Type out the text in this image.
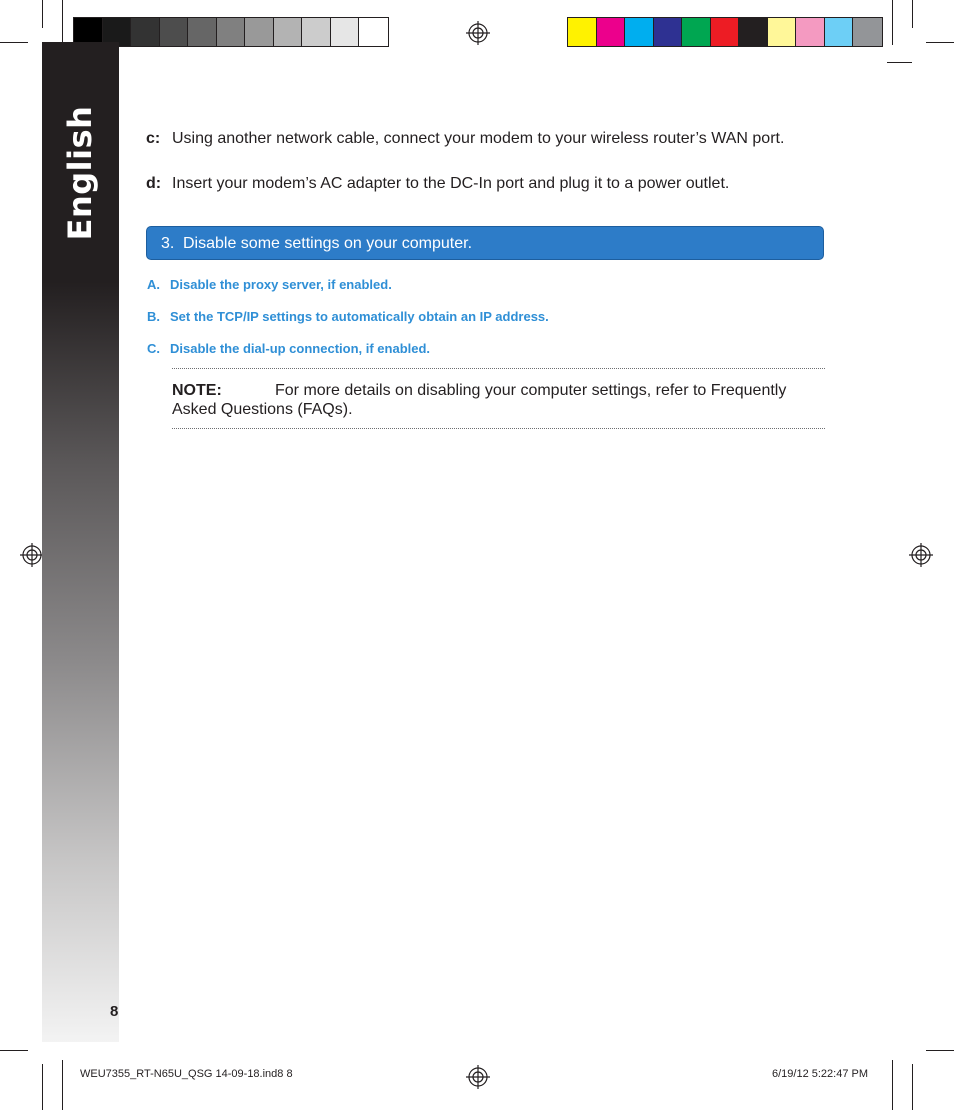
English	c: Using another network cable, connect your modem to your wireless router’s WAN port.
d: Insert your modem’s AC adapter to the DC-In port and plug it to a power outlet.
3. Disable some settings on your computer.
A. Disable the proxy server, if enabled.
B. Set the TCP/IP settings to automatically obtain an IP address.
C. Disable the dial-up connection, if enabled.
For more details on disabling your computer settings, refer to Frequently Asked Questions (FAQs).
NOTE:
8
WEU7355_RT-N65U_QSG 14-09-18.ind8 8	6/19/12 5:22:47 PM
